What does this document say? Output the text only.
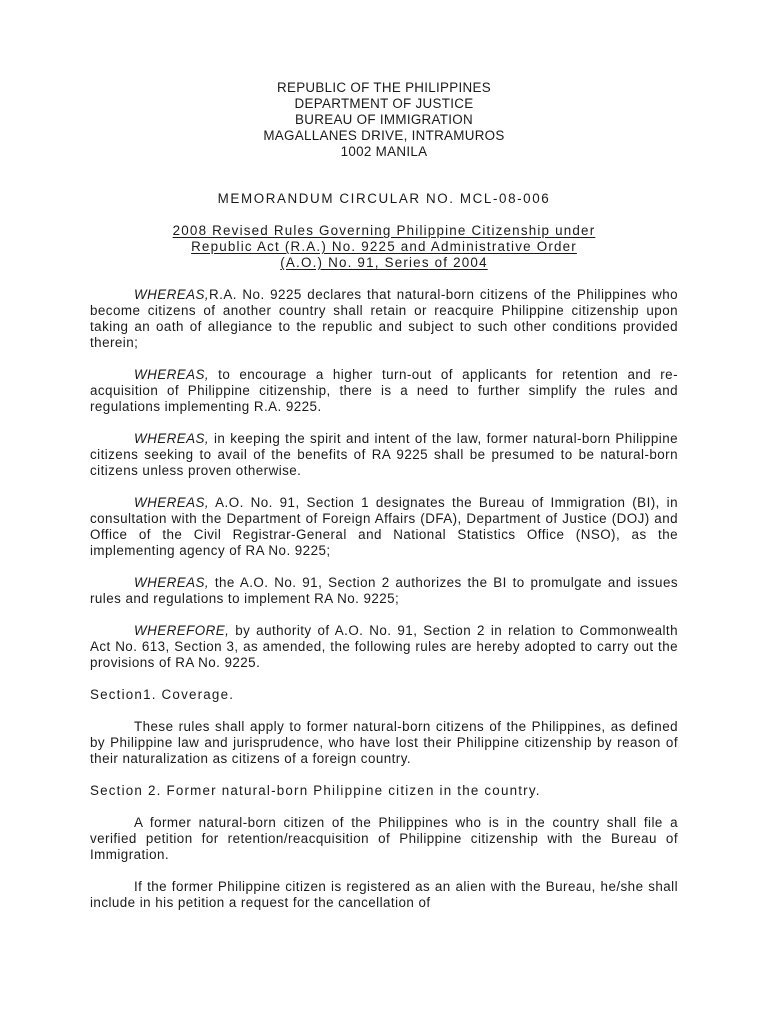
REPUBLIC OF THE PHILIPPINES
DEPARTMENT OF JUSTICE
BUREAU OF IMMIGRATION
MAGALLANES DRIVE, INTRAMUROS
1002 MANILA
MEMORANDUM CIRCULAR NO. MCL-08-006
2008 Revised Rules Governing Philippine Citizenship under
Republic Act (R.A.) No. 9225 and Administrative Order
(A.O.) No. 91, Series of 2004

WHEREAS,R.A. No. 9225 declares that natural-born citizens of the Philippines who become citizens of another country shall retain or reacquire Philippine citizenship upon taking an oath of allegiance to the republic and subject to such other conditions provided therein;

WHEREAS, to encourage a higher turn-out of applicants for retention and re-acquisition of Philippine citizenship, there is a need to further simplify the rules and regulations implementing R.A. 9225.

WHEREAS, in keeping the spirit and intent of the law, former natural-born Philippine citizens seeking to avail of the benefits of RA 9225 shall be presumed to be natural-born citizens unless proven otherwise.

WHEREAS, A.O. No. 91, Section 1 designates the Bureau of Immigration (BI), in consultation with the Department of Foreign Affairs (DFA), Department of Justice (DOJ) and Office of the Civil Registrar-General and National Statistics Office (NSO), as the implementing agency of RA No. 9225;

WHEREAS, the A.O. No. 91, Section 2 authorizes the BI to promulgate and issues rules and regulations to implement RA No. 9225;

WHEREFORE, by authority of A.O. No. 91, Section 2 in relation to Commonwealth Act No. 613, Section 3, as amended, the following rules are hereby adopted to carry out the provisions of RA No. 9225.

Section1. Coverage.

These rules shall apply to former natural-born citizens of the Philippines, as defined by Philippine law and jurisprudence, who have lost their Philippine citizenship by reason of their naturalization as citizens of a foreign country.

Section 2. Former natural-born Philippine citizen in the country.

A former natural-born citizen of the Philippines who is in the country shall file a verified petition for retention/reacquisition of Philippine citizenship with the Bureau of Immigration.

If the former Philippine citizen is registered as an alien with the Bureau, he/she shall include in his petition a request for the cancellation of
